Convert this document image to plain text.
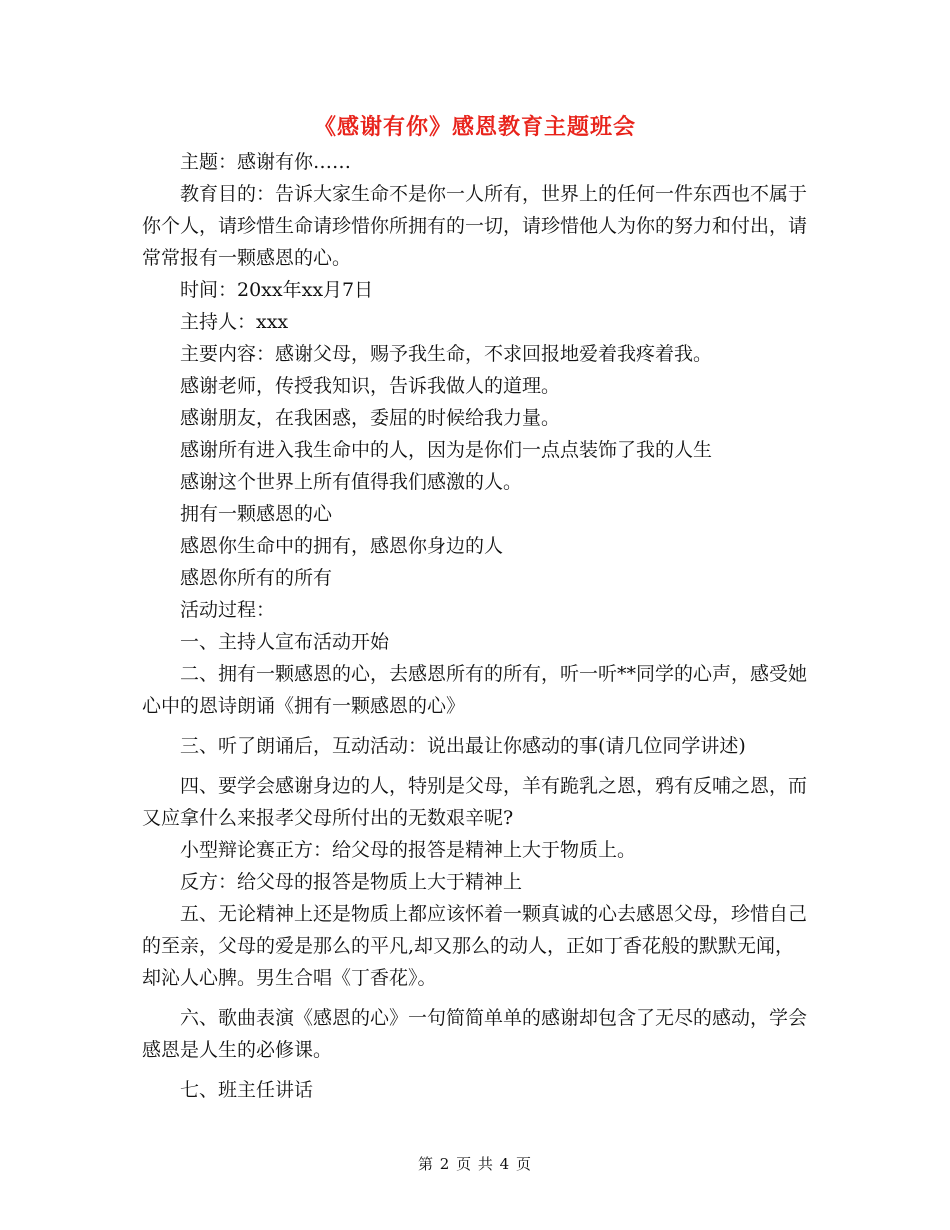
《感谢有你》感恩教育主题班会

主题：感谢有你……

教育目的：告诉大家生命不是你一人所有，世界上的任何一件东西也不属于你个人，请珍惜生命请珍惜你所拥有的一切，请珍惜他人为你的努力和付出，请常常报有一颗感恩的心。

时间：20xx年xx月7日

主持人：xxx

主要内容：感谢父母，赐予我生命，不求回报地爱着我疼着我。

感谢老师，传授我知识，告诉我做人的道理。

感谢朋友，在我困惑，委屈的时候给我力量。

感谢所有进入我生命中的人，因为是你们一点点装饰了我的人生

感谢这个世界上所有值得我们感激的人。

拥有一颗感恩的心

感恩你生命中的拥有，感恩你身边的人

感恩你所有的所有

活动过程：

一、主持人宣布活动开始

二、拥有一颗感恩的心，去感恩所有的所有，听一听**同学的心声，感受她心中的恩诗朗诵《拥有一颗感恩的心》

三、听了朗诵后，互动活动：说出最让你感动的事(请几位同学讲述)

四、要学会感谢身边的人，特别是父母，羊有跪乳之恩，鸦有反哺之恩，而又应拿什么来报孝父母所付出的无数艰辛呢?

小型辩论赛正方：给父母的报答是精神上大于物质上。

反方：给父母的报答是物质上大于精神上

五、无论精神上还是物质上都应该怀着一颗真诚的心去感恩父母，珍惜自己的至亲，父母的爱是那么的平凡,却又那么的动人，正如丁香花般的默默无闻，却沁人心脾。男生合唱《丁香花》。

六、歌曲表演《感恩的心》一句简简单单的感谢却包含了无尽的感动，学会感恩是人生的必修课。

七、班主任讲话

第 2 页 共 4 页
